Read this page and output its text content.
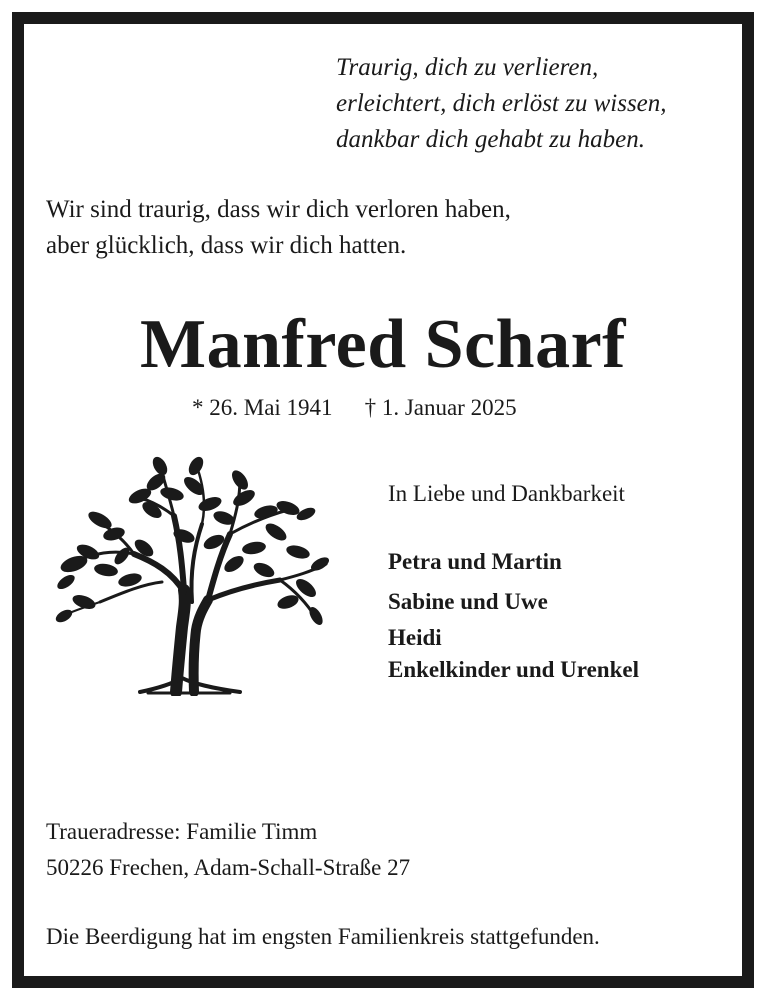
Traurig, dich zu verlieren,
erleichtert, dich erlöst zu wissen,
dankbar dich gehabt zu haben.
Wir sind traurig, dass wir dich verloren haben,
aber glücklich, dass wir dich hatten.
Manfred Scharf
* 26. Mai 1941 † 1. Januar 2025
In Liebe und Dankbarkeit
Petra und Martin
Sabine und Uwe
Heidi
Enkelkinder und Urenkel
Traueradresse: Familie Timm
50226 Frechen, Adam-Schall-Straße 27
Die Beerdigung hat im engsten Familienkreis stattgefunden.
